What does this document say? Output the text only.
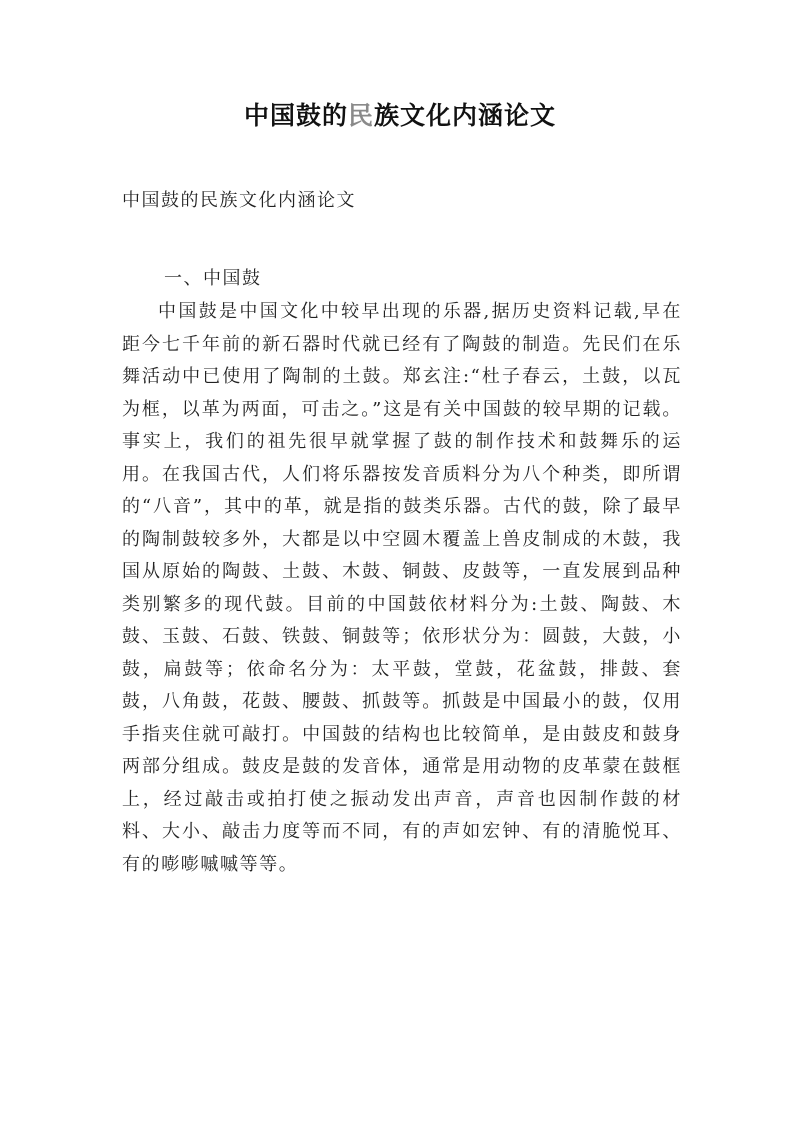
中国鼓的民族文化内涵论文

中国鼓的民族文化内涵论文

一、中国鼓

中国鼓是中国文化中较早出现的乐器,据历史资料记载,早在距今七千年前的新石器时代就已经有了陶鼓的制造。先民们在乐舞活动中已使用了陶制的土鼓。郑玄注:“杜子春云，土鼓，以瓦为框，以革为两面，可击之。”这是有关中国鼓的较早期的记载。事实上，我们的祖先很早就掌握了鼓的制作技术和鼓舞乐的运用。在我国古代，人们将乐器按发音质料分为八个种类，即所谓的“八音”，其中的革，就是指的鼓类乐器。古代的鼓，除了最早的陶制鼓较多外，大都是以中空圆木覆盖上兽皮制成的木鼓，我国从原始的陶鼓、土鼓、木鼓、铜鼓、皮鼓等，一直发展到品种类别繁多的现代鼓。目前的中国鼓依材料分为:土鼓、陶鼓、木鼓、玉鼓、石鼓、铁鼓、铜鼓等；依形状分为：圆鼓，大鼓，小鼓，扁鼓等；依命名分为：太平鼓，堂鼓，花盆鼓，排鼓、套鼓，八角鼓，花鼓、腰鼓、抓鼓等。抓鼓是中国最小的鼓，仅用手指夹住就可敲打。中国鼓的结构也比较简单，是由鼓皮和鼓身两部分组成。鼓皮是鼓的发音体，通常是用动物的皮革蒙在鼓框上，经过敲击或拍打使之振动发出声音，声音也因制作鼓的材料、大小、敲击力度等而不同，有的声如宏钟、有的清脆悦耳、有的嘭嘭嘁嘁等等。
